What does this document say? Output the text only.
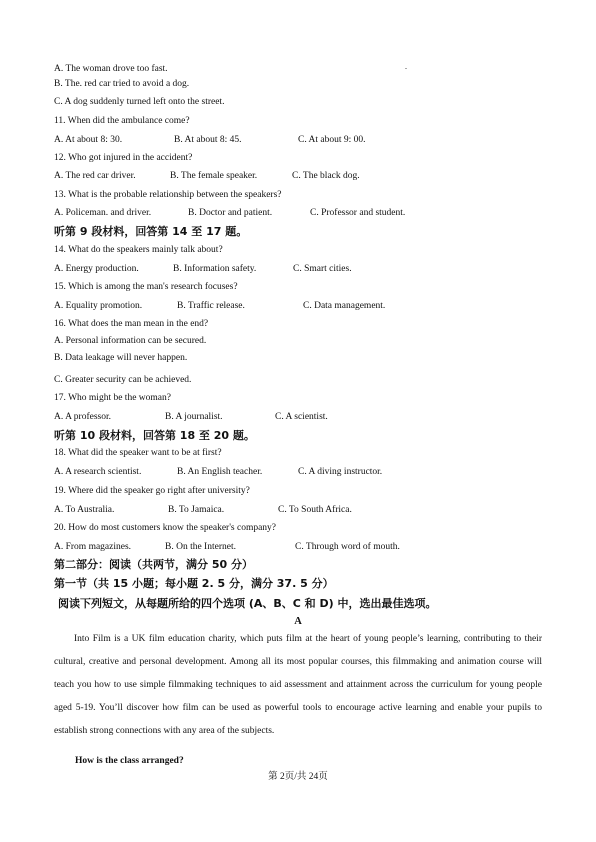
.
A. The woman drove too fast.
B. The. red car tried to avoid a dog.
C. A dog suddenly turned left onto the street.
11. When did the ambulance come?
A. At about 8: 30.	B. At about 8: 45.	C. At about 9: 00.
12. Who got injured in the accident?
A. The red car driver.	B. The female speaker.	C. The black dog.
13. What is the probable relationship between the speakers?
A. Policeman. and driver.	B. Doctor and patient.	C. Professor and student.
听第 9 段材料，回答第 14 至 17 题。
14. What do the speakers mainly talk about?
A. Energy production.	B. Information safety.	C. Smart cities.
15. Which is among the man's research focuses?
A. Equality promotion.	B. Traffic release.	C. Data management.
16. What does the man mean in the end?
A. Personal information can be secured.
B. Data leakage will never happen.
C. Greater security can be achieved.
17. Who might be the woman?
A. A professor.	B. A journalist.	C. A scientist.
听第 10 段材料，回答第 18 至 20 题。
18. What did the speaker want to be at first?
A. A research scientist.	B. An English teacher.	C. A diving instructor.
19. Where did the speaker go right after university?
A. To Australia.	B. To Jamaica.	C. To South Africa.
20. How do most customers know the speaker's company?
A. From magazines.	B. On the Internet.	C. Through word of mouth.
第二部分：阅读（共两节，满分 50 分）
第一节（共 15 小题；每小题 2. 5 分，满分 37. 5 分）
阅读下列短文，从每题所给的四个选项 (A、B、C 和 D) 中，选出最佳选项。
A
Into Film is a UK film education charity, which puts film at the heart of young people’s learning, contributing to their cultural, creative and personal development. Among all its most popular courses, this filmmaking and animation course will teach you how to use simple filmmaking techniques to aid assessment and attainment across the curriculum for young people aged 5-19. You’ll discover how film can be used as powerful tools to encourage active learning and enable your pupils to establish strong connections with any area of the subjects.
How is the class arranged?
第 2页/共 24页
